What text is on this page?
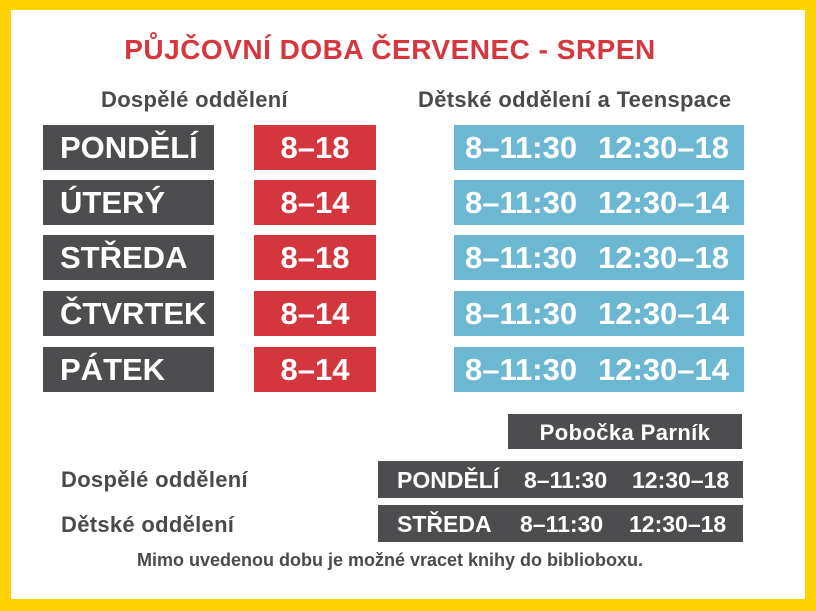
PŮJČOVNÍ DOBA ČERVENEC - SRPEN
Dospělé oddělení	Dětské oddělení a Teenspace
PONDĚLÍ	8–18	8–11:30 12:30–18
ÚTERÝ	8–14	8–11:30 12:30–14
STŘEDA	8–18	8–11:30 12:30–18
ČTVRTEK	8–14	8–11:30 12:30–14
PÁTEK	8–14	8–11:30 12:30–14
Pobočka Parník
Dospělé oddělení	PONDĚLÍ 8–11:30 12:30–18
Dětské oddělení	STŘEDA 8–11:30 12:30–18
Mimo uvedenou dobu je možné vracet knihy do biblioboxu.
